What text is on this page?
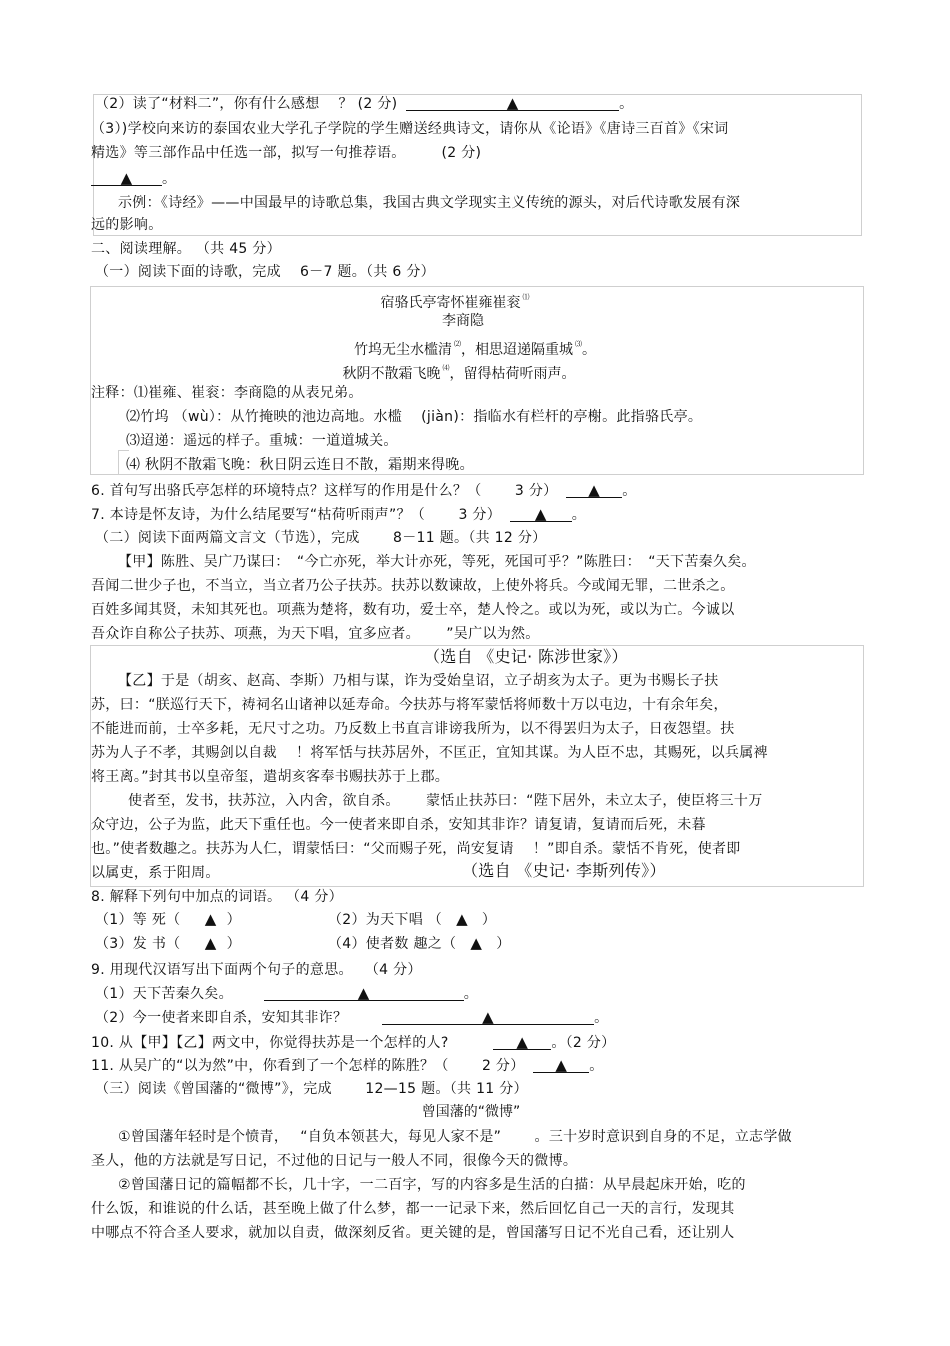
（2）读了“材料二”，你有什么感想　 ？ (2 分)	▲	。
（3）)学校向来访的泰国农业大学孔子学院的学生赠送经典诗文，请你从《论语》《唐诗三百首》《宋词
精选》等三部作品中任选一部，拟写一句推荐语。　　　(2 分)
▲ 。
示例：《诗经》——中国最早的诗歌总集，我国古典文学现实主义传统的源头，对后代诗歌发展有深
远的影响。
二、阅读理解。 （共 45 分）
（一）阅读下面的诗歌，完成　 6－7 题。（共 6 分）
宿骆氏亭寄怀崔雍崔衮 ⑴
李商隐
竹坞无尘水槛清 ⑵，相思迢递隔重城 ⑶。
秋阴不散霜飞晚 ⑷，留得枯荷听雨声。
注释：⑴崔雍、崔衮：李商隐的从表兄弟。
⑵竹坞 （wù）：从竹掩映的池边高地。水槛　 (jiàn)：指临水有栏杆的亭榭。此指骆氏亭。
⑶迢递：遥远的样子。重城：一道道城关。
⑷ 秋阴不散霜飞晚：秋日阴云连日不散，霜期来得晚。
6. 首句写出骆氏亭怎样的环境特点？这样写的作用是什么？（　　 3 分） ▲ 。
7. 本诗是怀友诗，为什么结尾要写“枯荷听雨声”？（　　 3 分） ▲ 。
（二）阅读下面两篇文言文（节选），完成　　 8－11 题。（共 12 分）
【甲】陈胜、吴广乃谋曰：　“今亡亦死，举大计亦死，等死，死国可乎？”陈胜曰：　“天下苦秦久矣。
吾闻二世少子也，不当立，当立者乃公子扶苏。扶苏以数谏故，上使外将兵。今或闻无罪，二世杀之。
百姓多闻其贤，未知其死也。项燕为楚将，数有功，爱士卒，楚人怜之。或以为死，或以为亡。今诚以
吾众诈自称公子扶苏、项燕，为天下唱，宜多应者。　　 ”吴广以为然。
（选自 《史记· 陈涉世家》）
【乙】于是（胡亥、赵高、李斯）乃相与谋，诈为受始皇诏，立子胡亥为太子。更为书赐长子扶
苏，曰：“朕巡行天下，祷祠名山诸神以延寿命。今扶苏与将军蒙恬将师数十万以屯边，十有余年矣，
不能进而前，士卒多耗，无尺寸之功。乃反数上书直言诽谤我所为，以不得罢归为太子，日夜怨望。扶
苏为人子不孝，其赐剑以自裁　 ！将军恬与扶苏居外，不匡正，宜知其谋。为人臣不忠，其赐死，以兵属裨
将王离。”封其书以皇帝玺，遣胡亥客奉书赐扶苏于上郡。
使者至，发书，扶苏泣，入内舍，欲自杀。　　 蒙恬止扶苏曰：“陛下居外，未立太子，使臣将三十万
众守边，公子为监，此天下重任也。今一使者来即自杀，安知其非诈？请复请，复请而后死，未暮
也。”使者数趣之。扶苏为人仁，谓蒙恬曰：“父而赐子死，尚安复请　 ！”即自杀。蒙恬不肯死，使者即
以属吏，系于阳周。	（选自 《史记· 李斯列传》）
8. 解释下列句中加点的词语。 （4 分）
（1）等 死（　▲ ）	（2）为天下唱 （ ▲ ）
（3）发 书（　▲ ）	（4）使者数 趣之（ ▲ ）
9. 用现代汉语写出下面两个句子的意思。　 （4 分）
（1）天下苦秦久矣。	▲	。
（2）今一使者来即自杀，安知其非诈？	▲	。
10. 从【甲】【乙】两文中，你觉得扶苏是一个怎样的人?	▲ 。（2 分）
11. 从吴广的“以为然”中，你看到了一个怎样的陈胜？（　　 2 分） ▲ 。
（三）阅读《曾国藩的“微博”》，完成　　 12—15 题。（共 11 分）
曾国藩的“微博”
①曾国藩年轻时是个愤青，　 “自负本领甚大，每见人家不是”　　 。三十岁时意识到自身的不足，立志学做
圣人，他的方法就是写日记，不过他的日记与一般人不同，很像今天的微博。
②曾国藩日记的篇幅都不长，几十字，一二百字，写的内容多是生活的白描：从早晨起床开始，吃的
什么饭，和谁说的什么话，甚至晚上做了什么梦，都一一记录下来，然后回忆自己一天的言行，发现其
中哪点不符合圣人要求，就加以自责，做深刻反省。更关键的是，曾国藩写日记不光自己看，还让别人
